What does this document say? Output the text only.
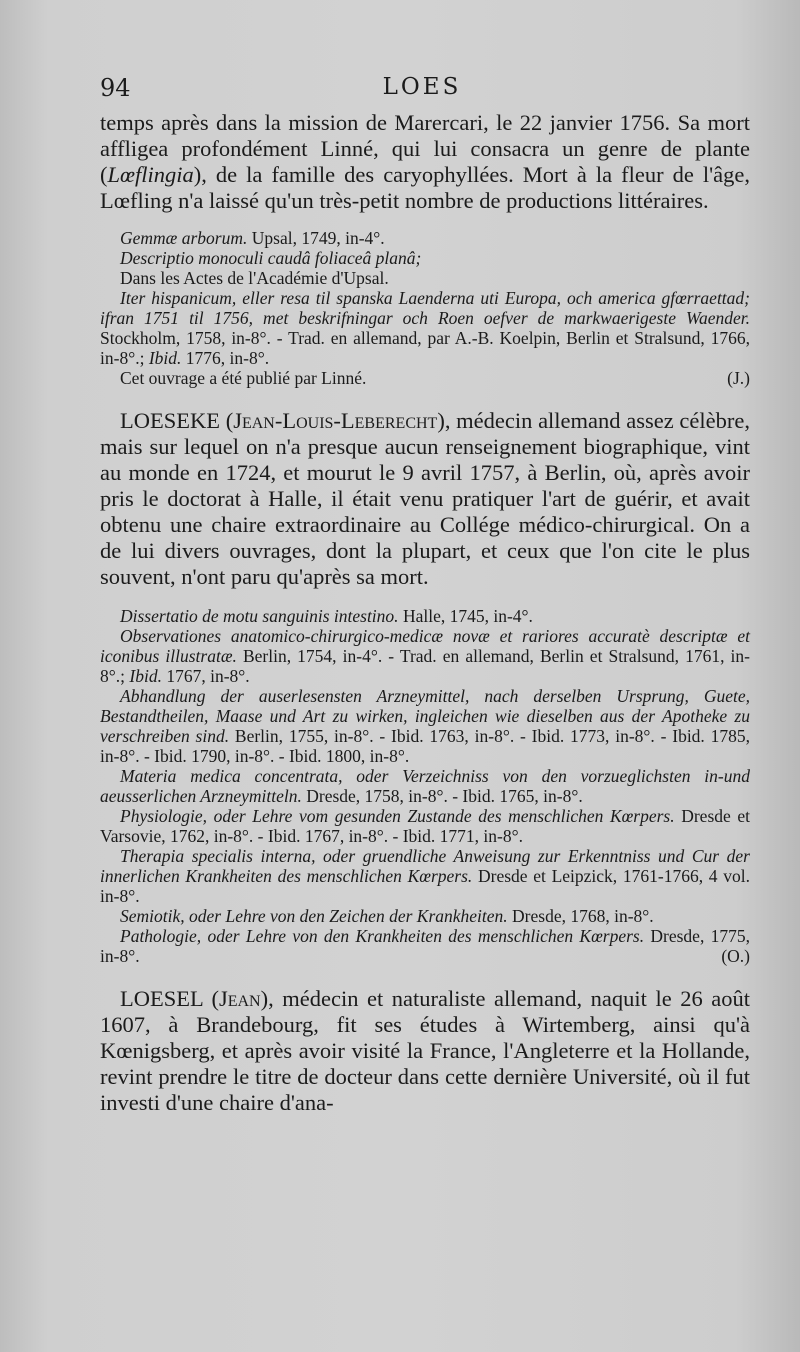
94	LOES

temps après dans la mission de Marercari, le 22 janvier 1756. Sa mort affligea profondément Linné, qui lui consacra un genre de plante (Lœflingia), de la famille des caryophyllées. Mort à la fleur de l'âge, Lœfling n'a laissé qu'un très-petit nombre de productions littéraires.

Gemmæ arborum. Upsal, 1749, in-4°.

Descriptio monoculi caudâ foliaceâ planâ;

Dans les Actes de l'Académie d'Upsal.

Iter hispanicum, eller resa til spanska Laenderna uti Europa, och america gfœrraettad; ifran 1751 til 1756, met beskrifningar och Roen oefver de markwaerigeste Waender. Stockholm, 1758, in-8°. - Trad. en allemand, par A.-B. Koelpin, Berlin et Stralsund, 1766, in-8°.; Ibid. 1776, in-8°.

Cet ouvrage a été publié par Linné.	(J.)

LOESEKE (Jean-Louis-Leberecht), médecin allemand assez célèbre, mais sur lequel on n'a presque aucun renseignement biographique, vint au monde en 1724, et mourut le 9 avril 1757, à Berlin, où, après avoir pris le doctorat à Halle, il était venu pratiquer l'art de guérir, et avait obtenu une chaire extraordinaire au Collége médico-chirurgical. On a de lui divers ouvrages, dont la plupart, et ceux que l'on cite le plus souvent, n'ont paru qu'après sa mort.

Dissertatio de motu sanguinis intestino. Halle, 1745, in-4°.

Observationes anatomico-chirurgico-medicæ novæ et rariores accuratè descriptæ et iconibus illustratæ. Berlin, 1754, in-4°. - Trad. en allemand, Berlin et Stralsund, 1761, in-8°.; Ibid. 1767, in-8°.

Abhandlung der auserlesensten Arzneymittel, nach derselben Ursprung, Guete, Bestandtheilen, Maase und Art zu wirken, ingleichen wie dieselben aus der Apotheke zu verschreiben sind. Berlin, 1755, in-8°. - Ibid. 1763, in-8°. - Ibid. 1773, in-8°. - Ibid. 1785, in-8°. - Ibid. 1790, in-8°. - Ibid. 1800, in-8°.

Materia medica concentrata, oder Verzeichniss von den vorzueglichsten in-und aeusserlichen Arzneymitteln. Dresde, 1758, in-8°. - Ibid. 1765, in-8°.

Physiologie, oder Lehre vom gesunden Zustande des menschlichen Kœrpers. Dresde et Varsovie, 1762, in-8°. - Ibid. 1767, in-8°. - Ibid. 1771, in-8°.

Therapia specialis interna, oder gruendliche Anweisung zur Erkenntniss und Cur der innerlichen Krankheiten des menschlichen Kœrpers. Dresde et Leipzick, 1761-1766, 4 vol. in-8°.

Semiotik, oder Lehre von den Zeichen der Krankheiten. Dresde, 1768, in-8°.

Pathologie, oder Lehre von den Krankheiten des menschlichen Kœrpers. Dresde, 1775, in-8°.	(O.)

LOESEL (Jean), médecin et naturaliste allemand, naquit le 26 août 1607, à Brandebourg, fit ses études à Wirtemberg, ainsi qu'à Kœnigsberg, et après avoir visité la France, l'Angleterre et la Hollande, revint prendre le titre de docteur dans cette dernière Université, où il fut investi d'une chaire d'ana-
